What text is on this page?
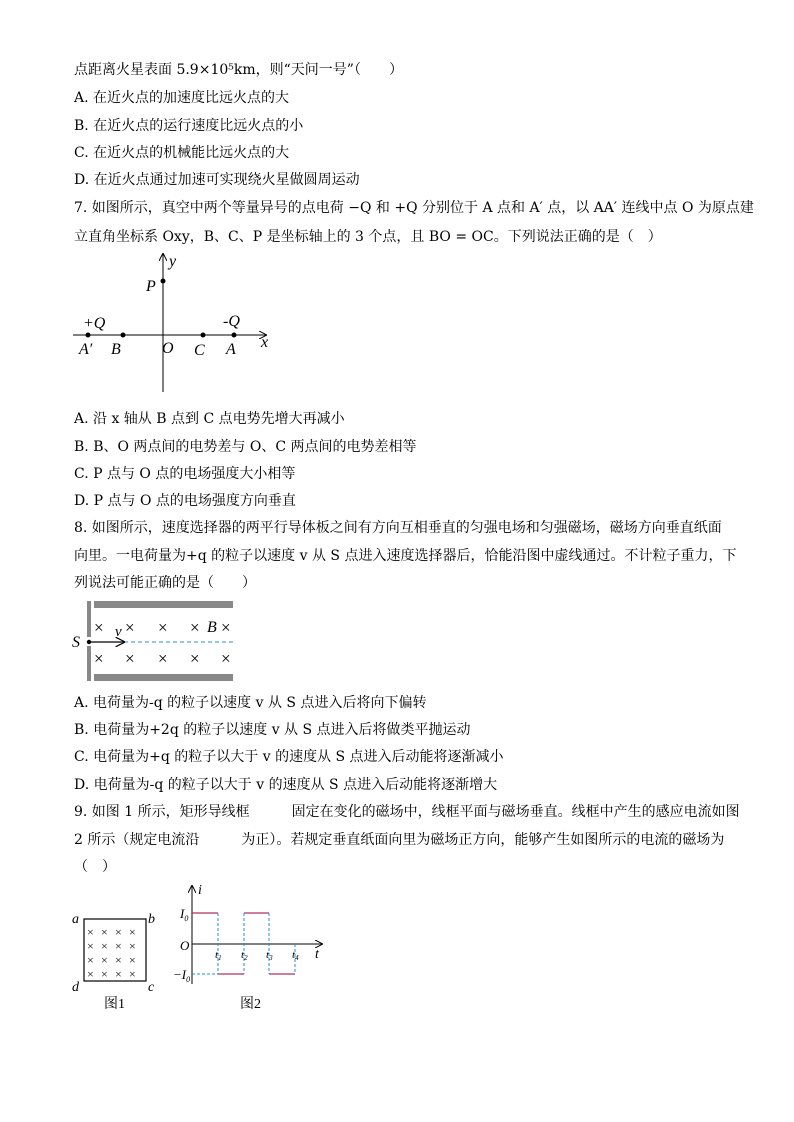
点距离火星表面 5.9×10⁵km，则“天问一号”（　　）
A. 在近火点的加速度比远火点的大
B. 在近火点的运行速度比远火点的小
C. 在近火点的机械能比远火点的大
D. 在近火点通过加速可实现绕火星做圆周运动
7. 如图所示，真空中两个等量异号的点电荷 −Q 和 +Q 分别位于 A 点和 A′ 点，以 AA′ 连线中点 O 为原点建
立直角坐标系 Oxy，B、C、P 是坐标轴上的 3 个点，且 BO = OC。下列说法正确的是（　）
y
x
P
+Q	-Q
A′ B	O C A
A. 沿 x 轴从 B 点到 C 点电势先增大再减小
B. B、O 两点间的电势差与 O、C 两点间的电势差相等
C. P 点与 O 点的电场强度大小相等
D. P 点与 O 点的电场强度方向垂直
8. 如图所示，速度选择器的两平行导体板之间有方向互相垂直的匀强电场和匀强磁场，磁场方向垂直纸面
向里。一电荷量为+q 的粒子以速度 v 从 S 点进入速度选择器后，恰能沿图中虚线通过。不计粒子重力，下
列说法可能正确的是（　　）
S
v
× × × × ×
× × × × ×
B
A. 电荷量为-q 的粒子以速度 v 从 S 点进入后将向下偏转
B. 电荷量为+2q 的粒子以速度 v 从 S 点进入后将做类平抛运动
C. 电荷量为+q 的粒子以大于 v 的速度从 S 点进入后动能将逐渐减小
D. 电荷量为-q 的粒子以大于 v 的速度从 S 点进入后动能将逐渐增大
9. 如图 1 所示，矩形导线框　　　固定在变化的磁场中，线框平面与磁场垂直。线框中产生的感应电流如图
2 所示（规定电流沿　　　为正）。若规定垂直纸面向里为磁场正方向，能够产生如图所示的电流的磁场为
（　）
a	b
d	c
× × × ×
× × × ×
× × × ×
× × × ×
图1
i
t
O
$I_0$
$-I_0$
t1 t2 t3 t4
图2
